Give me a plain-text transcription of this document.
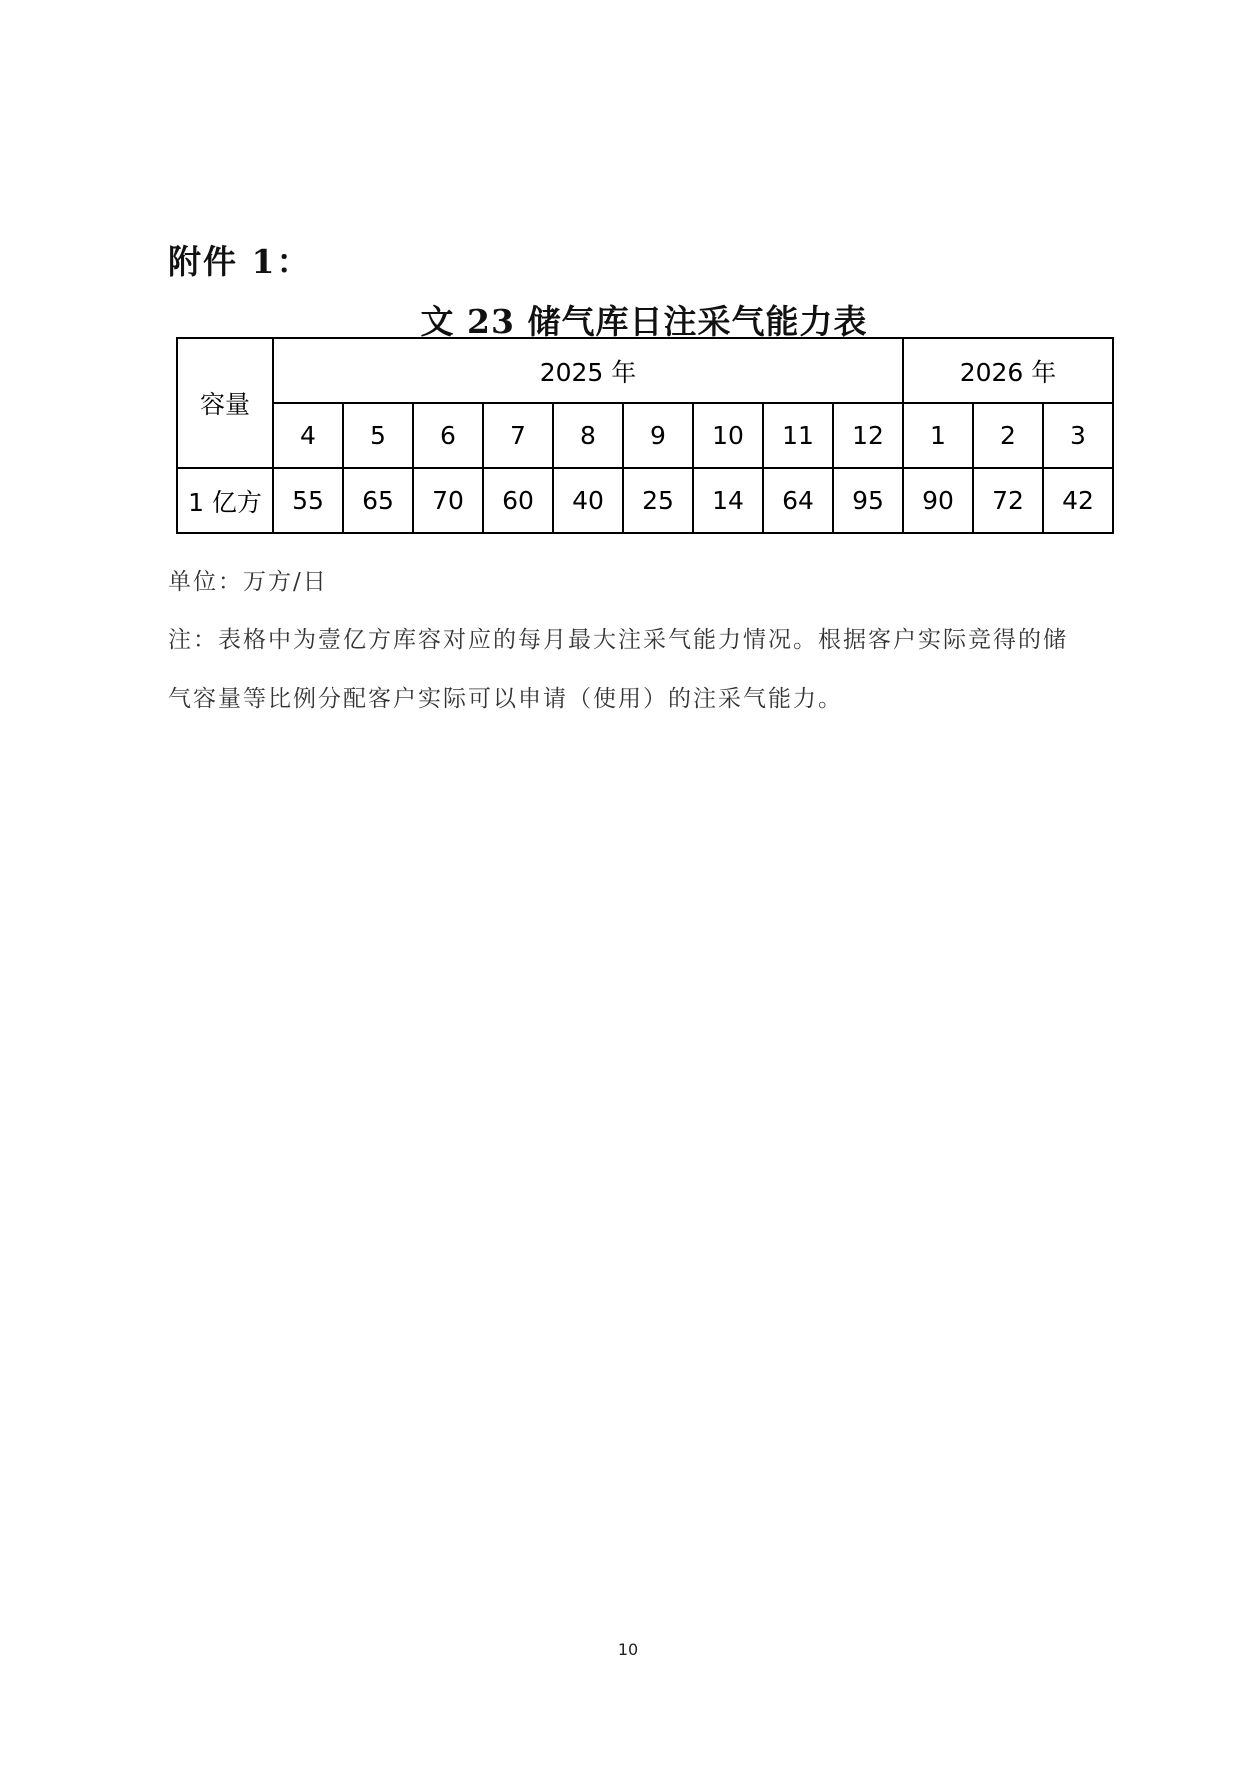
附件 1：
文 23 储气库日注采气能力表
容量	2025 年									2026 年		
	4	5	6	7	8	9	10	11	12	1	2	3
1 亿方	55	65	70	60	40	25	14	64	95	90	72	42
单位：万方/日
注：表格中为壹亿方库容对应的每月最大注采气能力情况。根据客户实际竞得的储
气容量等比例分配客户实际可以申请（使用）的注采气能力。
10
